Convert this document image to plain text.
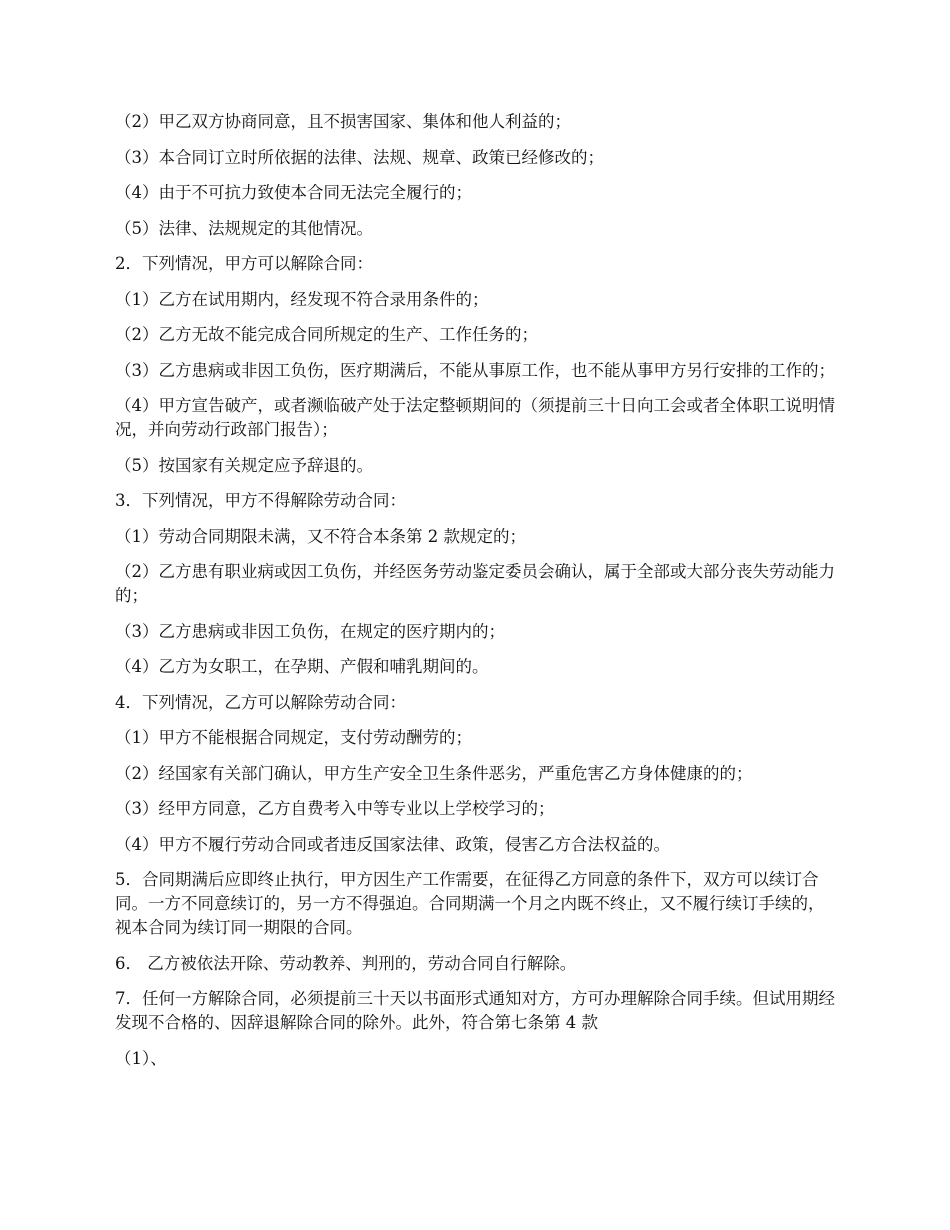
（2）甲乙双方协商同意，且不损害国家、集体和他人利益的；

（3）本合同订立时所依据的法律、法规、规章、政策已经修改的；

（4）由于不可抗力致使本合同无法完全履行的；

（5）法律、法规规定的其他情况。

2．下列情况，甲方可以解除合同：

（1）乙方在试用期内，经发现不符合录用条件的；

（2）乙方无故不能完成合同所规定的生产、工作任务的；

（3）乙方患病或非因工负伤，医疗期满后，不能从事原工作，也不能从事甲方另行安排的工作的；

（4）甲方宣告破产，或者濒临破产处于法定整顿期间的（须提前三十日向工会或者全体职工说明情况，并向劳动行政部门报告）；

（5）按国家有关规定应予辞退的。

3．下列情况，甲方不得解除劳动合同：

（1）劳动合同期限未满，又不符合本条第 2 款规定的；

（2）乙方患有职业病或因工负伤，并经医务劳动鉴定委员会确认，属于全部或大部分丧失劳动能力的；

（3）乙方患病或非因工负伤，在规定的医疗期内的；

（4）乙方为女职工，在孕期、产假和哺乳期间的。

4．下列情况，乙方可以解除劳动合同：

（1）甲方不能根据合同规定，支付劳动酬劳的；

（2）经国家有关部门确认，甲方生产安全卫生条件恶劣，严重危害乙方身体健康的的；

（3）经甲方同意，乙方自费考入中等专业以上学校学习的；

（4）甲方不履行劳动合同或者违反国家法律、政策，侵害乙方合法权益的。

5．合同期满后应即终止执行，甲方因生产工作需要，在征得乙方同意的条件下，双方可以续订合同。一方不同意续订的，另一方不得强迫。合同期满一个月之内既不终止，又不履行续订手续的，视本合同为续订同一期限的合同。

6． 乙方被依法开除、劳动教养、判刑的，劳动合同自行解除。

7．任何一方解除合同，必须提前三十天以书面形式通知对方，方可办理解除合同手续。但试用期经发现不合格的、因辞退解除合同的除外。此外，符合第七条第 4 款

（1）、
